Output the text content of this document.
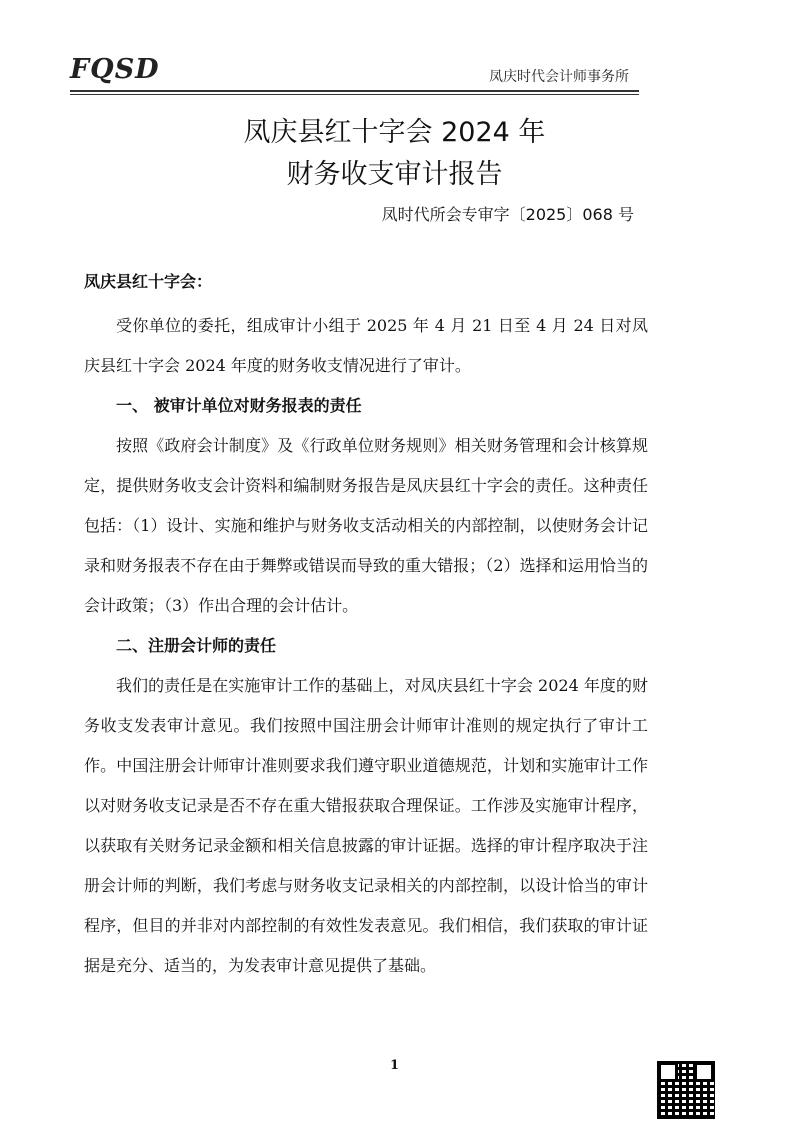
FQSD	凤庆时代会计师事务所
凤庆县红十字会 2024 年
财务收支审计报告
凤时代所会专审字〔2025〕068 号

凤庆县红十字会：

受你单位的委托，组成审计小组于 2025 年 4 月 21 日至 4 月 24 日对凤庆县红十字会 2024 年度的财务收支情况进行了审计。

一、 被审计单位对财务报表的责任

按照《政府会计制度》及《行政单位财务规则》相关财务管理和会计核算规定，提供财务收支会计资料和编制财务报告是凤庆县红十字会的责任。这种责任包括：（1）设计、实施和维护与财务收支活动相关的内部控制，以使财务会计记录和财务报表不存在由于舞弊或错误而导致的重大错报；（2）选择和运用恰当的会计政策；（3）作出合理的会计估计。

二、注册会计师的责任

我们的责任是在实施审计工作的基础上，对凤庆县红十字会 2024 年度的财务收支发表审计意见。我们按照中国注册会计师审计准则的规定执行了审计工作。中国注册会计师审计准则要求我们遵守职业道德规范，计划和实施审计工作以对财务收支记录是否不存在重大错报获取合理保证。工作涉及实施审计程序，以获取有关财务记录金额和相关信息披露的审计证据。选择的审计程序取决于注册会计师的判断，我们考虑与财务收支记录相关的内部控制，以设计恰当的审计程序，但目的并非对内部控制的有效性发表意见。我们相信，我们获取的审计证据是充分、适当的，为发表审计意见提供了基础。

1
